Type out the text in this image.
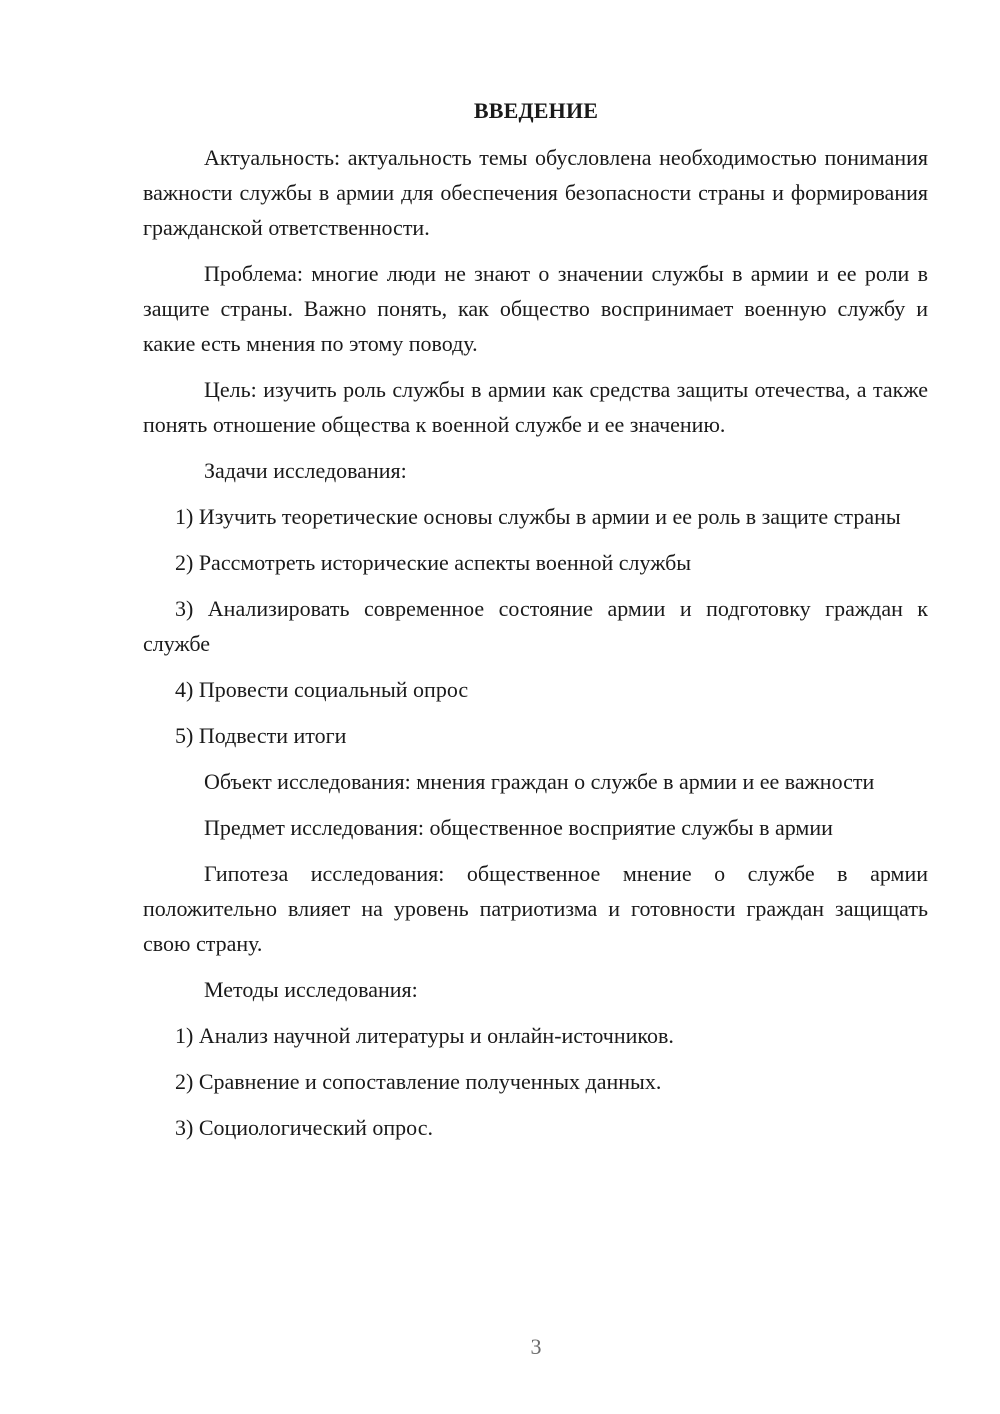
ВВЕДЕНИЕ

Актуальность: актуальность темы обусловлена необходимостью понимания важности службы в армии для обеспечения безопасности страны и формирования гражданской ответственности.

Проблема: многие люди не знают о значении службы в армии и ее роли в защите страны. Важно понять, как общество воспринимает военную службу и какие есть мнения по этому поводу.

Цель: изучить роль службы в армии как средства защиты отечества, а также понять отношение общества к военной службе и ее значению.

Задачи исследования:

1) Изучить теоретические основы службы в армии и ее роль в защите страны

2) Рассмотреть исторические аспекты военной службы

3) Анализировать современное состояние армии и подготовку граждан к службе

4) Провести социальный опрос

5) Подвести итоги

Объект исследования: мнения граждан о службе в армии и ее важности

Предмет исследования: общественное восприятие службы в армии

Гипотеза исследования: общественное мнение о службе в армии положительно влияет на уровень патриотизма и готовности граждан защищать свою страну.

Методы исследования:

1) Анализ научной литературы и онлайн-источников.

2) Сравнение и сопоставление полученных данных.

3) Социологический опрос.

3
